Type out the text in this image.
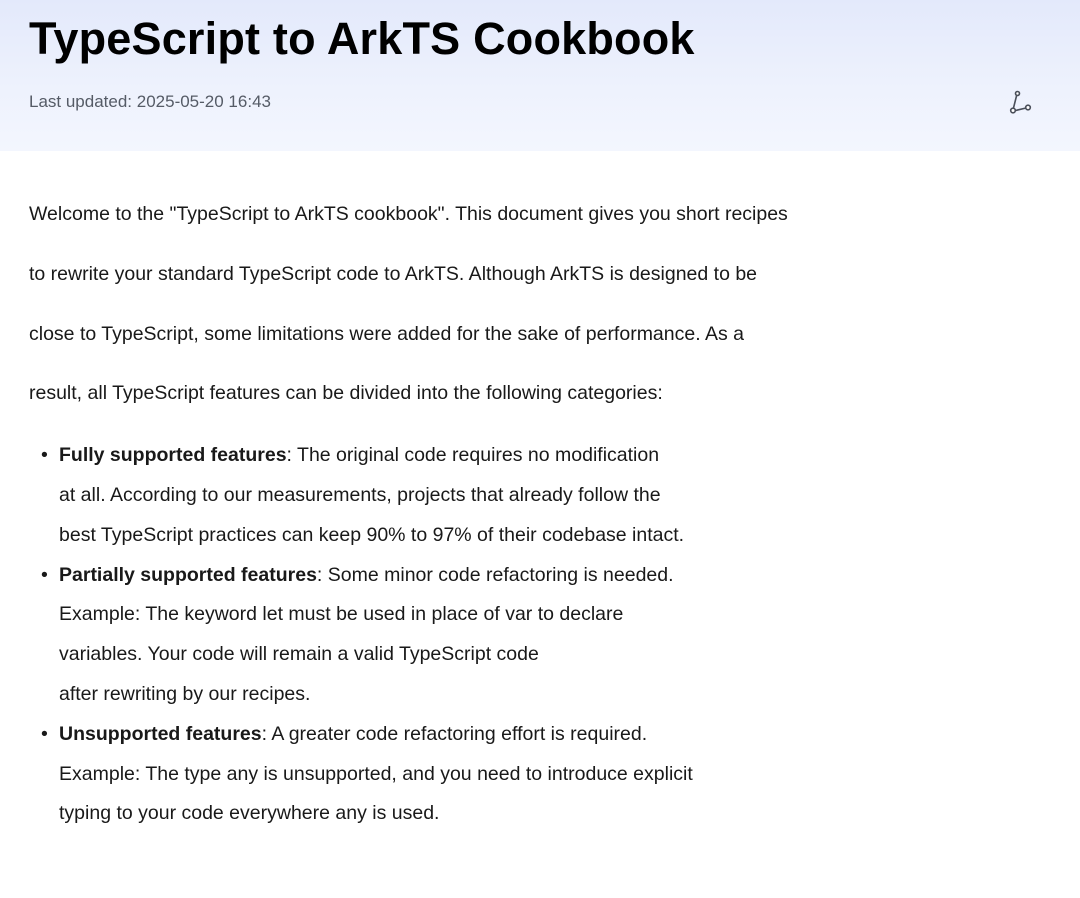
TypeScript to ArkTS Cookbook
Last updated: 2025-05-20 16:43

Welcome to the "TypeScript to ArkTS cookbook". This document gives you short recipes to rewrite your standard TypeScript code to ArkTS. Although ArkTS is designed to be close to TypeScript, some limitations were added for the sake of performance. As a result, all TypeScript features can be divided into the following categories:

• Fully supported features: The original code requires no modification
at all. According to our measurements, projects that already follow the
best TypeScript practices can keep 90% to 97% of their codebase intact.
• Partially supported features: Some minor code refactoring is needed.
Example: The keyword let must be used in place of var to declare
variables. Your code will remain a valid TypeScript code
after rewriting by our recipes.
• Unsupported features: A greater code refactoring effort is required.
Example: The type any is unsupported, and you need to introduce explicit
typing to your code everywhere any is used.
